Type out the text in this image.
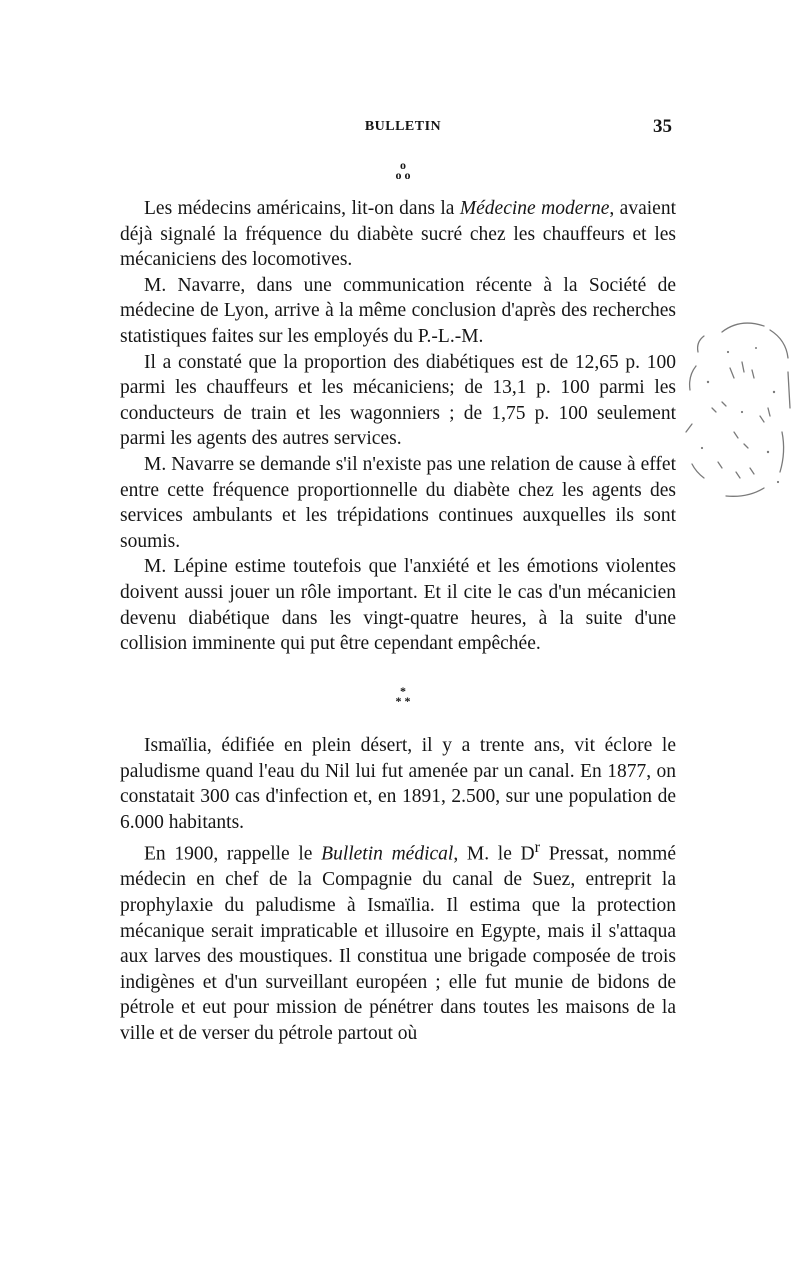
BULLETIN	35
o
o o

Les médecins américains, lit-on dans la Médecine moderne, avaient déjà signalé la fréquence du diabète sucré chez les chauffeurs et les mécaniciens des locomotives.

M. Navarre, dans une communication récente à la Société de médecine de Lyon, arrive à la même conclusion d'après des recherches statistiques faites sur les employés du P.-L.-M.

Il a constaté que la proportion des diabétiques est de 12,65 p. 100 parmi les chauffeurs et les mécaniciens; de 13,1 p. 100 parmi les conducteurs de train et les wagonniers ; de 1,75 p. 100 seulement parmi les agents des autres services.

M. Navarre se demande s'il n'existe pas une relation de cause à effet entre cette fréquence proportionnelle du diabète chez les agents des services ambulants et les trépidations continues auxquelles ils sont soumis.

M. Lépine estime toutefois que l'anxiété et les émotions violentes doivent aussi jouer un rôle important. Et il cite le cas d'un mécanicien devenu diabétique dans les vingt-quatre heures, à la suite d'une collision imminente qui put être cependant empêchée.

*
* *

Ismaïlia, édifiée en plein désert, il y a trente ans, vit éclore le paludisme quand l'eau du Nil lui fut amenée par un canal. En 1877, on constatait 300 cas d'infection et, en 1891, 2.500, sur une population de 6.000 habitants.

En 1900, rappelle le Bulletin médical, M. le $D^r$ Pressat, nommé médecin en chef de la Compagnie du canal de Suez, entreprit la prophylaxie du paludisme à Ismaïlia. Il estima que la protection mécanique serait impraticable et illusoire en Egypte, mais il s'attaqua aux larves des moustiques. Il constitua une brigade composée de trois indigènes et d'un surveillant européen ; elle fut munie de bidons de pétrole et eut pour mission de pénétrer dans toutes les maisons de la ville et de verser du pétrole partout où
